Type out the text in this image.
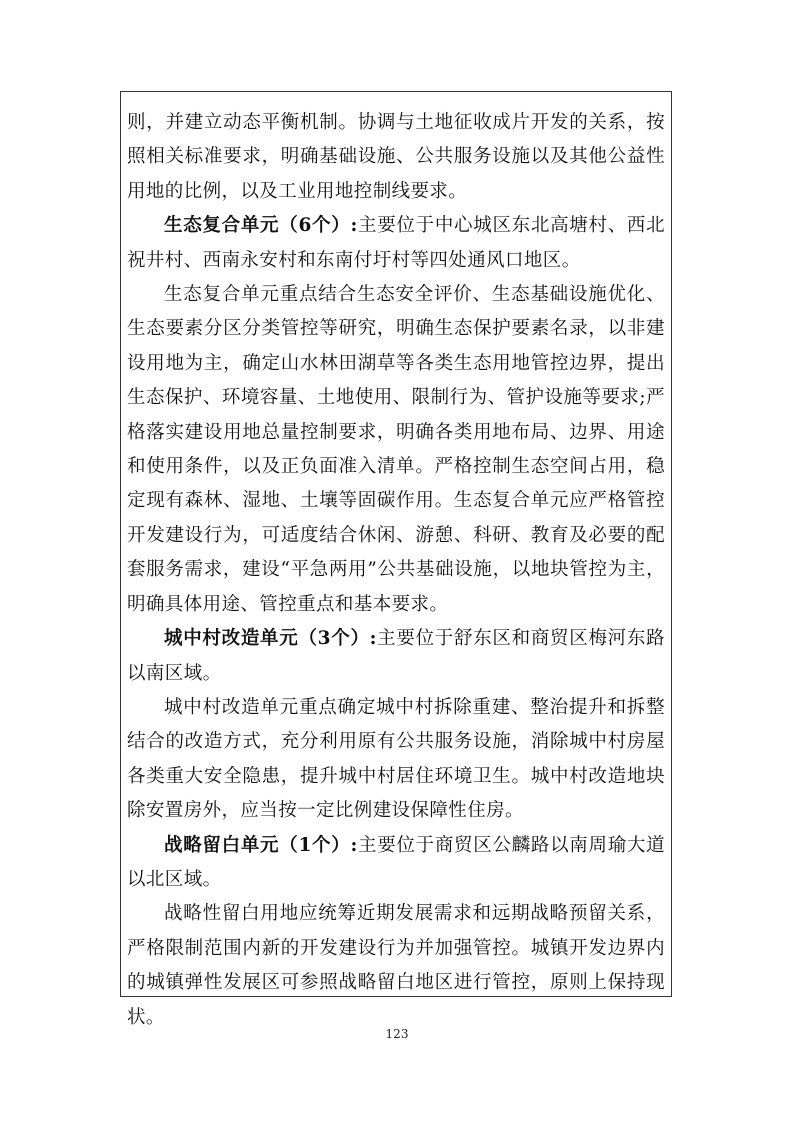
则，并建立动态平衡机制。协调与土地征收成片开发的关系，按照相关标准要求，明确基础设施、公共服务设施以及其他公益性用地的比例，以及工业用地控制线要求。

生态复合单元（6个）:主要位于中心城区东北高塘村、西北祝井村、西南永安村和东南付圩村等四处通风口地区。

生态复合单元重点结合生态安全评价、生态基础设施优化、生态要素分区分类管控等研究，明确生态保护要素名录，以非建设用地为主，确定山水林田湖草等各类生态用地管控边界，提出生态保护、环境容量、土地使用、限制行为、管护设施等要求;严格落实建设用地总量控制要求，明确各类用地布局、边界、用途和使用条件，以及正负面准入清单。严格控制生态空间占用，稳定现有森林、湿地、土壤等固碳作用。生态复合单元应严格管控开发建设行为，可适度结合休闲、游憩、科研、教育及必要的配套服务需求，建设“平急两用”公共基础设施，以地块管控为主，明确具体用途、管控重点和基本要求。

城中村改造单元（3个）:主要位于舒东区和商贸区梅河东路以南区域。

城中村改造单元重点确定城中村拆除重建、整治提升和拆整结合的改造方式，充分利用原有公共服务设施，消除城中村房屋各类重大安全隐患，提升城中村居住环境卫生。城中村改造地块除安置房外，应当按一定比例建设保障性住房。

战略留白单元（1个）:主要位于商贸区公麟路以南周瑜大道以北区域。

战略性留白用地应统筹近期发展需求和远期战略预留关系，严格限制范围内新的开发建设行为并加强管控。城镇开发边界内的城镇弹性发展区可参照战略留白地区进行管控，原则上保持现状。

123
